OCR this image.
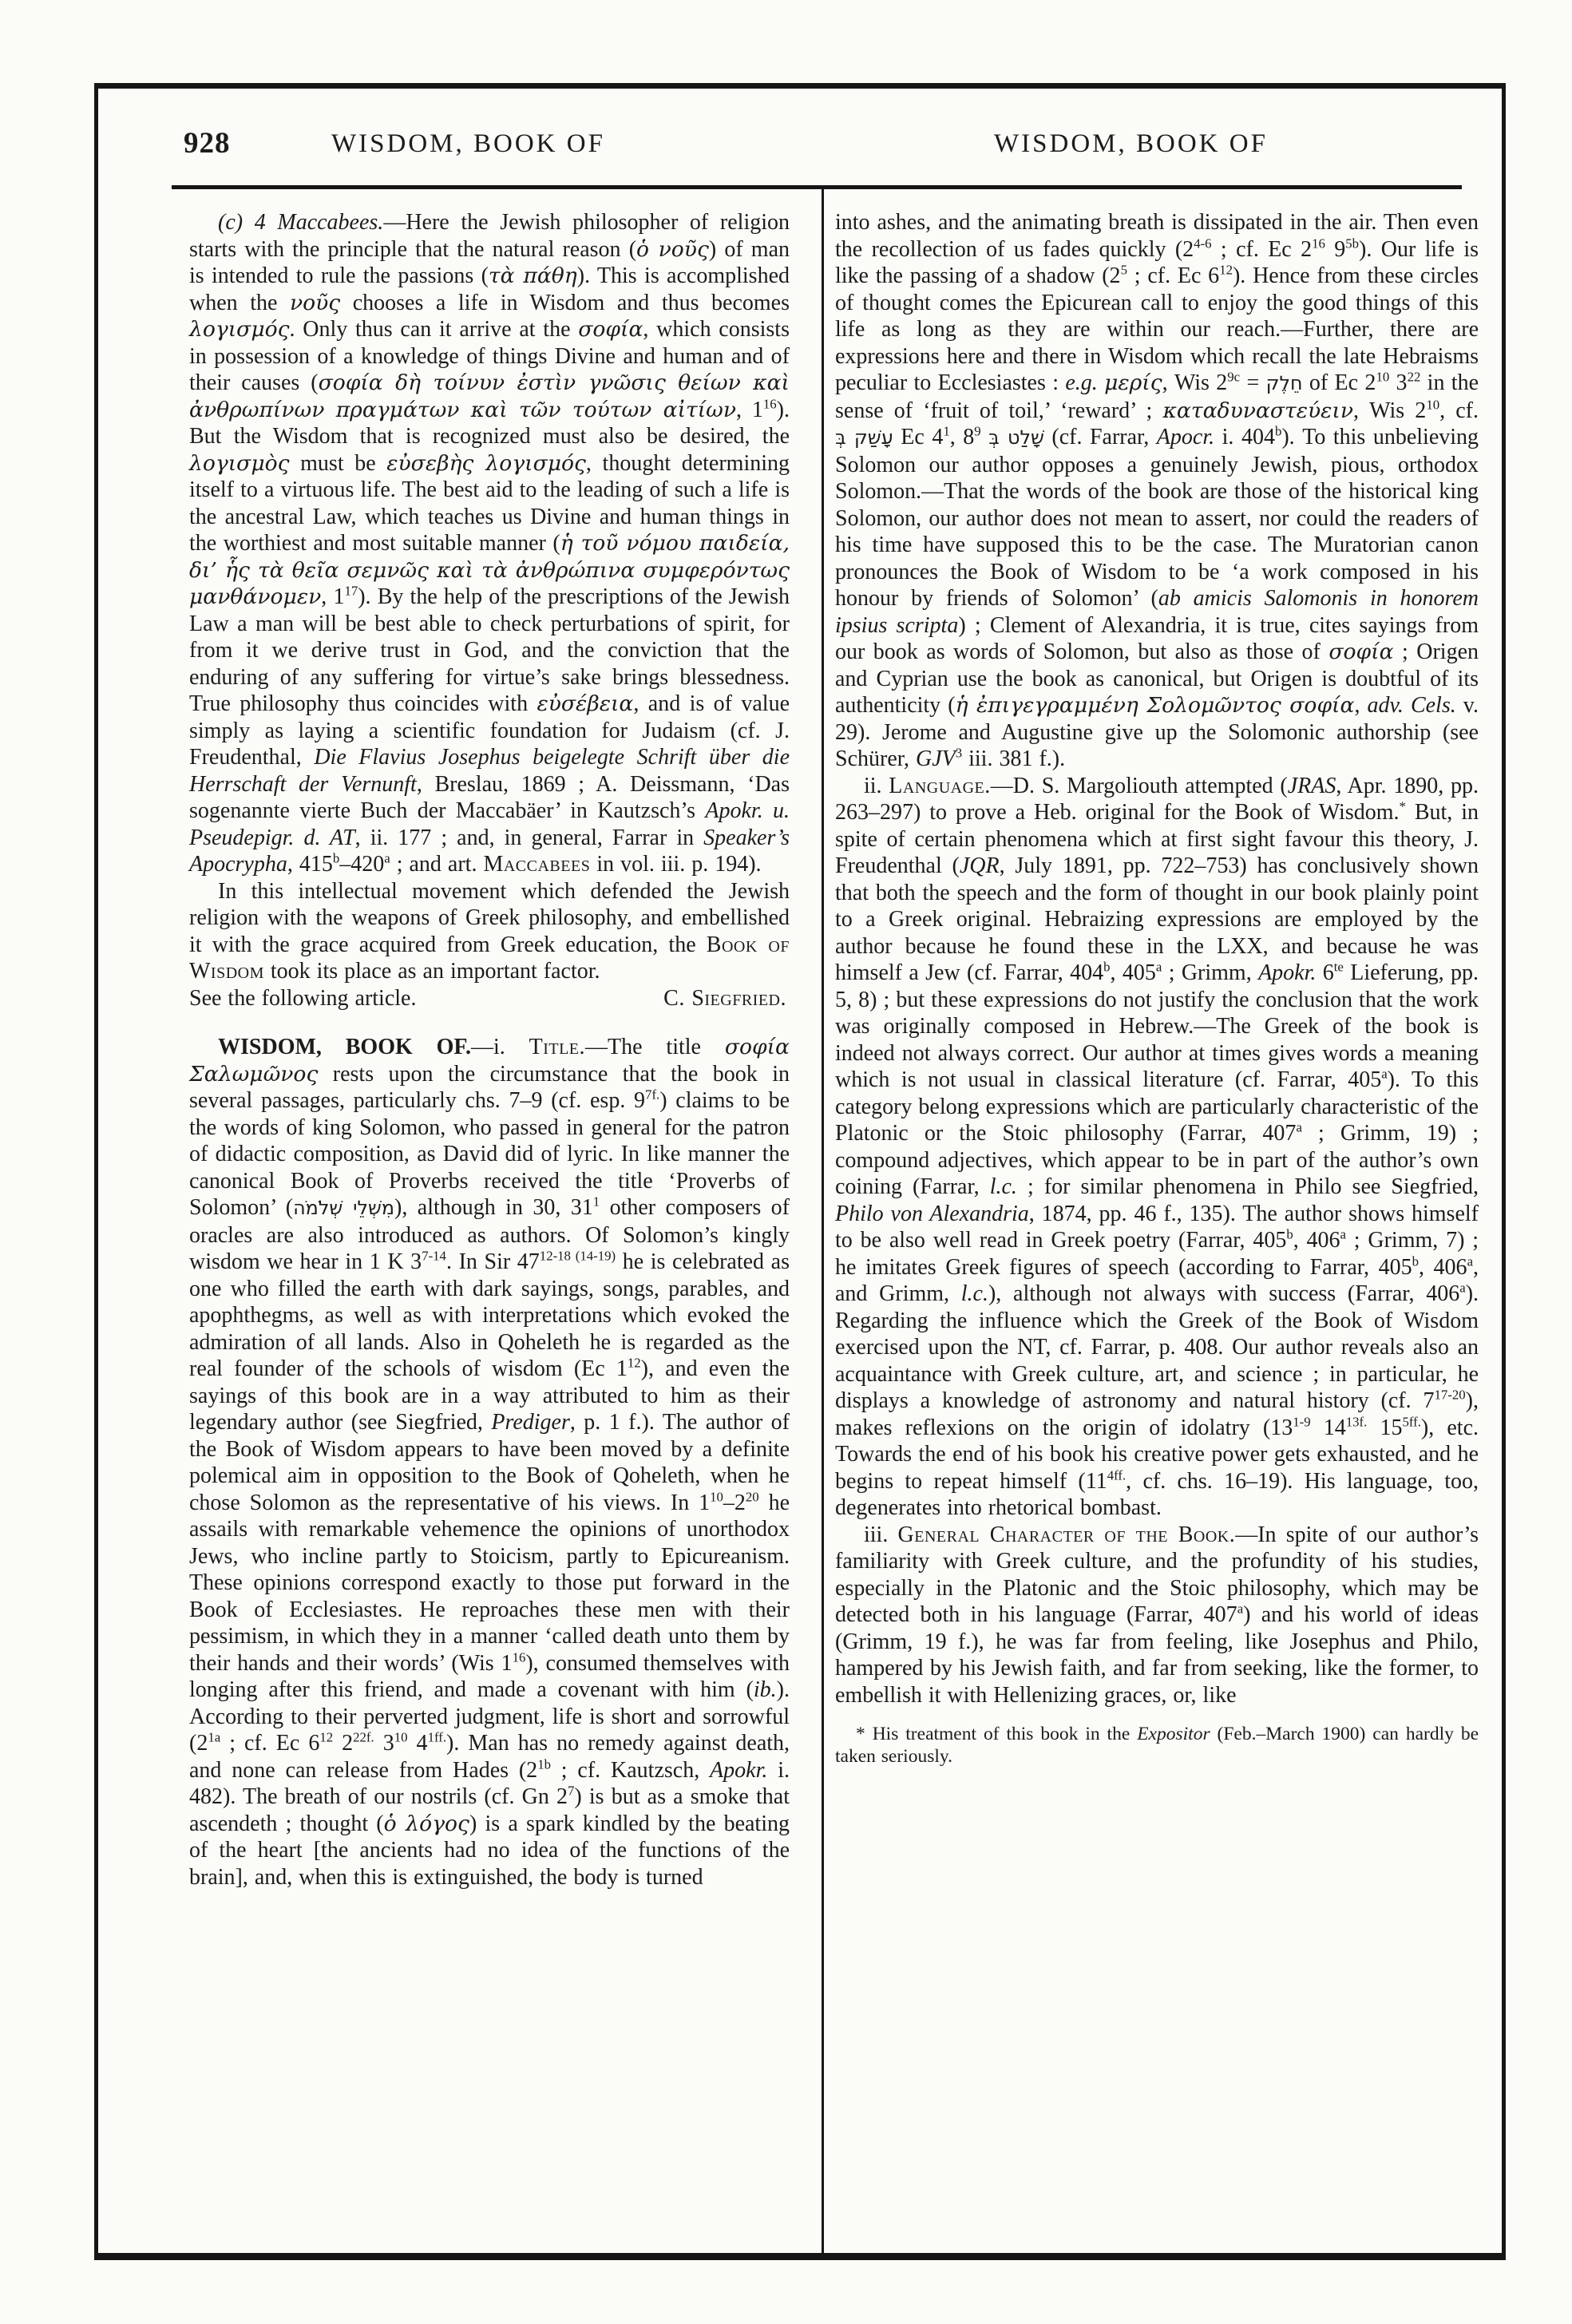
928	WISDOM, BOOK OF	WISDOM, BOOK OF
(c) 4 Maccabees.—Here the Jewish philosopher of religion starts with the principle that the natural reason (ὁ νοῦς) of man is intended to rule the passions (τὰ πάθη). This is accomplished when the νοῦς chooses a life in Wisdom and thus becomes λογισμός. Only thus can it arrive at the σοφία, which consists in possession of a knowledge of things Divine and human and of their causes (σοφία δὴ τοίνυν ἐστὶν γνῶσις θείων καὶ ἀνθρωπίνων πραγμάτων καὶ τῶν τούτων αἰτίων, $1^{16}$). But the Wisdom that is recognized must also be desired, the λογισμὸς must be εὐσεβὴς λογισμός, thought determining itself to a virtuous life. The best aid to the leading of such a life is the ancestral Law, which teaches us Divine and human things in the worthiest and most suitable manner (ἡ τοῦ νόμου παιδεία, δι’ ἧς τὰ θεῖα σεμνῶς καὶ τὰ ἀνθρώπινα συμφερόντως μανθάνομεν, $1^{17}$). By the help of the prescriptions of the Jewish Law a man will be best able to check perturbations of spirit, for from it we derive trust in God, and the conviction that the enduring of any suffering for virtue’s sake brings blessedness. True philosophy thus coincides with εὐσέβεια, and is of value simply as laying a scientific foundation for Judaism (cf. J. Freudenthal, Die Flavius Josephus beigelegte Schrift über die Herrschaft der Vernunft, Breslau, 1869 ; A. Deissmann, ‘Das sogenannte vierte Buch der Maccabäer’ in Kautzsch’s Apokr. u. Pseudepigr. d. AT, ii. 177 ; and, in general, Farrar in Speaker’s Apocrypha, 415$^b$–420$^a$ ; and art. Maccabees in vol. iii. p. 194).
In this intellectual movement which defended the Jewish religion with the weapons of Greek philosophy, and embellished it with the grace acquired from Greek education, the Book of Wisdom took its place as an important factor.
See the following article.	C. Siegfried.
WISDOM, BOOK OF.—i. Title.—The title σοφία Σαλωμῶνος rests upon the circumstance that the book in several passages, particularly chs. 7–9 (cf. esp. $9^{7f.}$) claims to be the words of king Solomon, who passed in general for the patron of didactic composition, as David did of lyric. In like manner the canonical Book of Proverbs received the title ‘Proverbs of Solomon’ (מִשְׁלֵי שְׁלֹמֹה), although in 30, $31^1$ other composers of oracles are also introduced as authors. Of Solomon’s kingly wisdom we hear in 1 K 3$^{7-14}$. In Sir $47^{12-18 (14-19)}$ he is celebrated as one who filled the earth with dark sayings, songs, parables, and apophthegms, as well as with interpretations which evoked the admiration of all lands. Also in Qoheleth he is regarded as the real founder of the schools of wisdom (Ec $1^{12}$), and even the sayings of this book are in a way attributed to him as their legendary author (see Siegfried, Prediger, p. 1 f.). The author of the Book of Wisdom appears to have been moved by a definite polemical aim in opposition to the Book of Qoheleth, when he chose Solomon as the representative of his views. In $1^{10}-2^{20}$ he assails with remarkable vehemence the opinions of unorthodox Jews, who incline partly to Stoicism, partly to Epicureanism. These opinions correspond exactly to those put forward in the Book of Ecclesiastes. He reproaches these men with their pessimism, in which they in a manner ‘called death unto them by their hands and their words’ (Wis $1^{16}$), consumed themselves with longing after this friend, and made a covenant with him (ib.). According to their perverted judgment, life is short and sorrowful ($2^{1a}$ ; cf. Ec $6^{12}$ $2^{22f.}$ $3^{10}$ $4^{1ff.}$). Man has no remedy against death, and none can release from Hades ($2^{1b}$ ; cf. Kautzsch, Apokr. i. 482). The breath of our nostrils (cf. Gn $2^7$) is but as a smoke that ascendeth ; thought (ὁ λόγος) is a spark kindled by the beating of the heart [the ancients had no idea of the functions of the brain], and, when this is extinguished, the body is turned
into ashes, and the animating breath is dissipated in the air. Then even the recollection of us fades quickly (2$^{4-6}$ ; cf. Ec $2^{16}$ $9^{5b}$). Our life is like the passing of a shadow ($2^5$ ; cf. Ec $6^{12}$). Hence from these circles of thought comes the Epicurean call to enjoy the good things of this life as long as they are within our reach.—Further, there are expressions here and there in Wisdom which recall the late Hebraisms peculiar to Ecclesiastes : e.g. μερίς, Wis $2^{9c}$ = חֵלֶק of Ec $2^{10}$ $3^{22}$ in the sense of ‘fruit of toil,’ ‘reward’ ; καταδυναστεύειν, Wis $2^{10}$, cf. עָשַׁק בְּ Ec $4^1$, שָׁלַט בְּ $8^9$	(cf. Farrar, Apocr. i. 404$^b$). To this unbelieving Solomon our author opposes a genuinely Jewish, pious, orthodox Solomon.—That the words of the book are those of the historical king Solomon, our author does not mean to assert, nor could the readers of his time have supposed this to be the case. The Muratorian canon pronounces the Book of Wisdom to be ‘a work composed in his honour by friends of Solomon’ (ab amicis Salomonis in honorem ipsius scripta) ; Clement of Alexandria, it is true, cites sayings from our book as words of Solomon, but also as those of σοφία ; Origen and Cyprian use the book as canonical, but Origen is doubtful of its authenticity (ἡ ἐπιγεγραμμένη Σολομῶντος σοφία, adv. Cels. v. 29). Jerome and Augustine give up the Solomonic authorship (see Schürer, GJV$^3$ iii. 381 f.).
ii. Language.—D. S. Margoliouth attempted (JRAS, Apr. 1890, pp. 263–297) to prove a Heb. original for the Book of Wisdom.* But, in spite of certain phenomena which at first sight favour this theory, J. Freudenthal (JQR, July 1891, pp. 722–753) has conclusively shown that both the speech and the form of thought in our book plainly point to a Greek original. Hebraizing expressions are employed by the author because he found these in the LXX, and because he was himself a Jew (cf. Farrar, 404$^b$, 405$^a$ ; Grimm, Apokr. $6^{te}$ Lieferung, pp. 5, 8) ; but these expressions do not justify the conclusion that the work was originally composed in Hebrew.—The Greek of the book is indeed not always correct. Our author at times gives words a meaning which is not usual in classical literature (cf. Farrar, 405$^a$). To this category belong expressions which are particularly characteristic of the Platonic or the Stoic philosophy (Farrar, 407$^a$ ; Grimm, 19) ; compound adjectives, which appear to be in part of the author’s own coining (Farrar, l.c. ; for similar phenomena in Philo see Siegfried, Philo von Alexandria, 1874, pp. 46 f., 135). The author shows himself to be also well read in Greek poetry (Farrar, 405$^b$, 406$^a$ ; Grimm, 7) ; he imitates Greek figures of speech (according to Farrar, 405$^b$, 406$^a$, and Grimm, l.c.), although not always with success (Farrar, 406$^a$). Regarding the influence which the Greek of the Book of Wisdom exercised upon the NT, cf. Farrar, p. 408. Our author reveals also an acquaintance with Greek culture, art, and science ; in particular, he displays a knowledge of astronomy and natural history (cf. 7$^{17-20}$), makes reflexions on the origin of idolatry (13$^{1-9}$ $14^{13f.}$ $15^{5ff.}$), etc. Towards the end of his book his creative power gets exhausted, and he begins to repeat himself ($11^{4ff.}$, cf. chs. 16–19). His language, too, degenerates into rhetorical bombast.
iii. General Character of the Book.—In spite of our author’s familiarity with Greek culture, and the profundity of his studies, especially in the Platonic and the Stoic philosophy, which may be detected both in his language (Farrar, 407$^a$) and his world of ideas (Grimm, 19 f.), he was far from feeling, like Josephus and Philo, hampered by his Jewish faith, and far from seeking, like the former, to embellish it with Hellenizing graces, or, like
* His treatment of this book in the Expositor (Feb.–March 1900) can hardly be taken seriously.
